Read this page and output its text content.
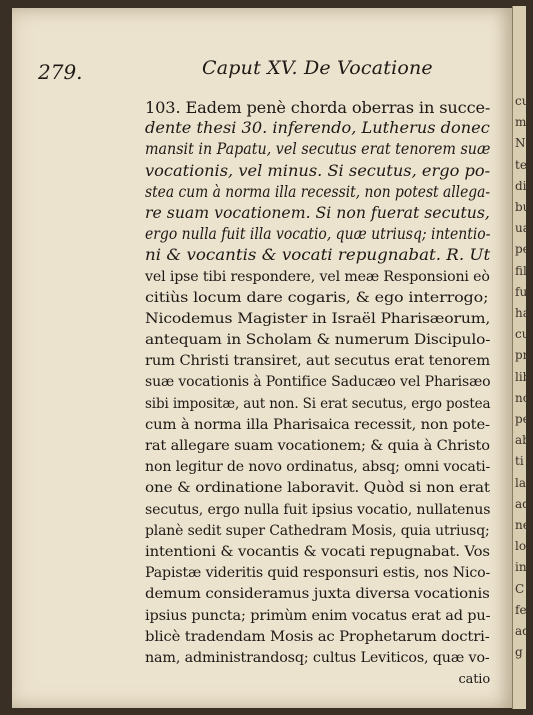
279.	Caput XV. De Vocatione
103. Eadem penè chorda oberras in succe-
dente thesi 30. inferendo, Lutherus donec
mansit in Papatu, vel secutus erat tenorem suæ
vocationis, vel minus. Si secutus, ergo po-
stea cum à norma illa recessit, non potest allega-
re suam vocationem. Si non fuerat secutus,
ergo nulla fuit illa vocatio, quæ utriusq; intentio-
ni & vocantis & vocati repugnabat. R. Ut
vel ipse tibi respondere, vel meæ Responsioni eò
citiùs locum dare cogaris, & ego interrogo;
Nicodemus Magister in Israël Pharisæorum,
antequam in Scholam & numerum Discipulo-
rum Christi transiret, aut secutus erat tenorem
suæ vocationis à Pontifice Saducæo vel Pharisæo
sibi impositæ, aut non. Si erat secutus, ergo postea
cum à norma illa Pharisaica recessit, non pote-
rat allegare suam vocationem; & quia à Christo
non legitur de novo ordinatus, absq; omni vocati-
one & ordinatione laboravit. Quòd si non erat
secutus, ergo nulla fuit ipsius vocatio, nullatenus
planè sedit super Cathedram Mosis, quia utriusq;
intentioni & vocantis & vocati repugnabat. Vos
Papistæ videritis quid responsuri estis, nos Nico-
demum consideramus juxta diversa vocationis
ipsius puncta; primùm enim vocatus erat ad pu-
blicè tradendam Mosis ac Prophetarum doctri-
nam, administrandosq; cultus Leviticos, quæ vo-
catio
cu
m
N
ter
dic
bu
ua
pe
fil
fu
ha
cu
pr
lib
no
pe
ab
ti
la
ad
ne
lo
in
C
fe
ad
g
